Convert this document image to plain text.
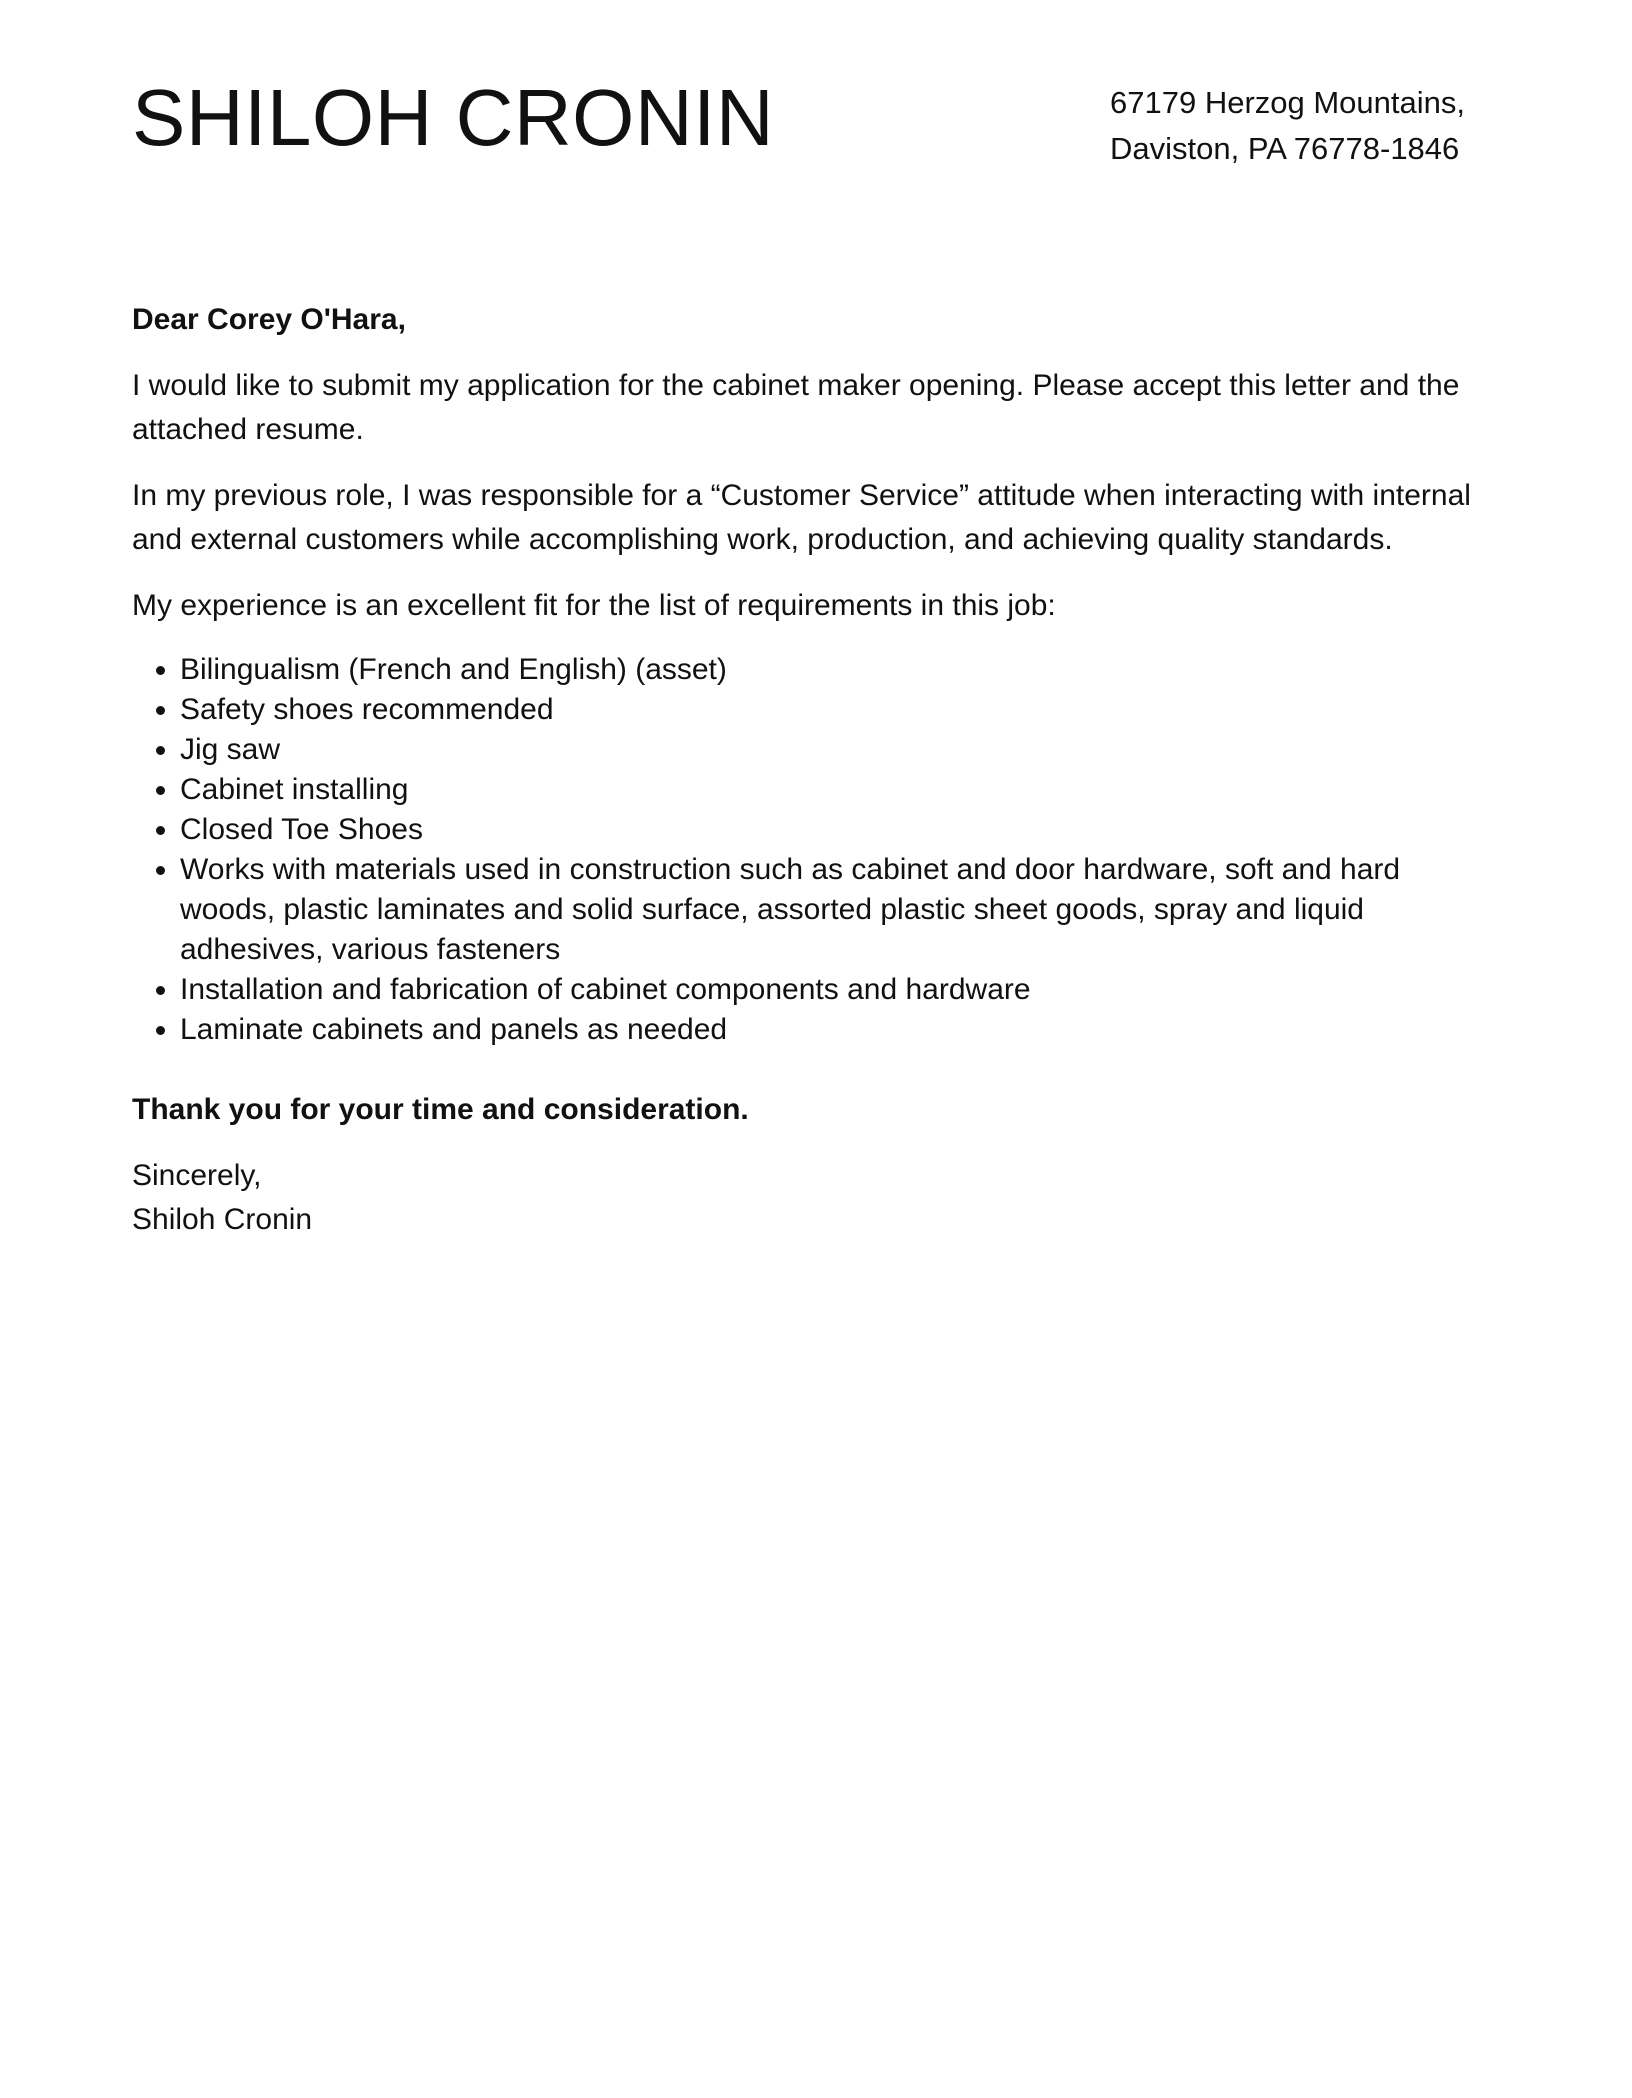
SHILOH CRONIN	67179 Herzog Mountains,
Daviston, PA 76778-1846

Dear Corey O'Hara,

I would like to submit my application for the cabinet maker opening. Please accept this letter and the attached resume.

In my previous role, I was responsible for a “Customer Service” attitude when interacting with internal and external customers while accomplishing work, production, and achieving quality standards.

My experience is an excellent fit for the list of requirements in this job:

• Bilingualism (French and English) (asset)
• Safety shoes recommended
• Jig saw
• Cabinet installing
• Closed Toe Shoes
• Works with materials used in construction such as cabinet and door hardware, soft and hard woods, plastic laminates and solid surface, assorted plastic sheet goods, spray and liquid adhesives, various fasteners
• Installation and fabrication of cabinet components and hardware
• Laminate cabinets and panels as needed

Thank you for your time and consideration.

Sincerely,
Shiloh Cronin
